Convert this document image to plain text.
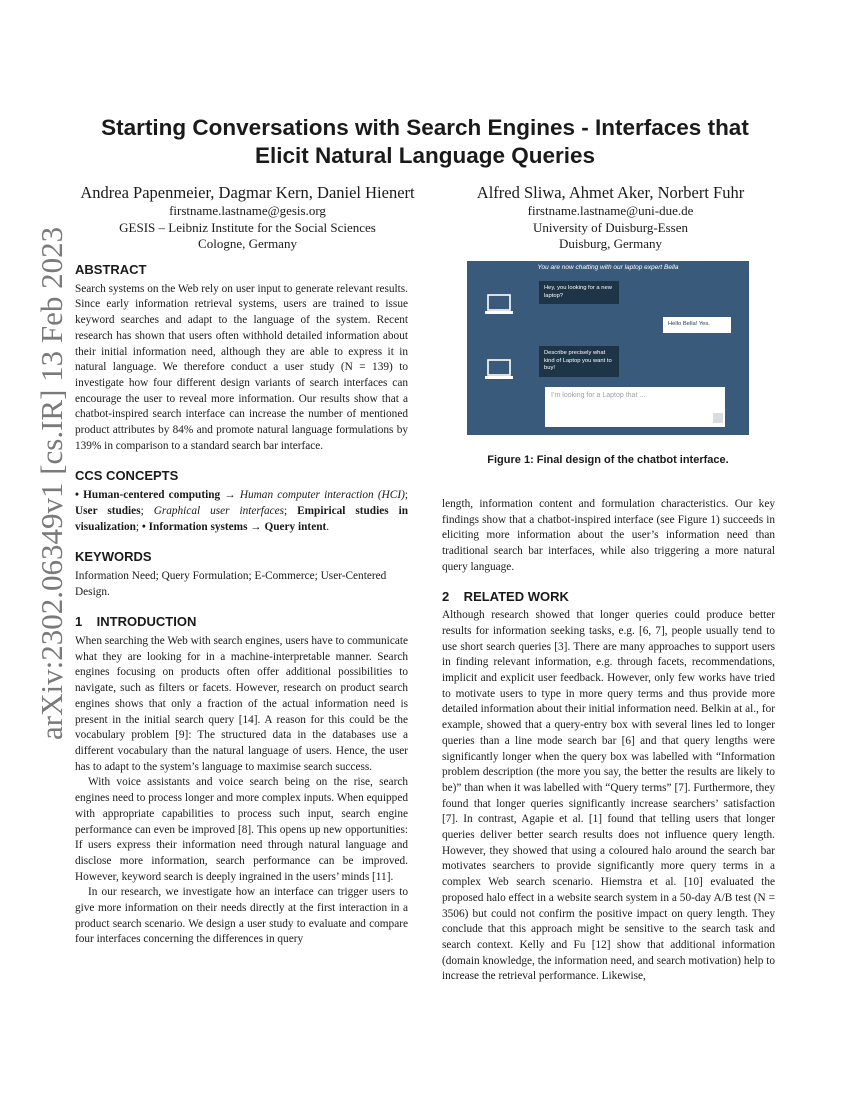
arXiv:2302.06349v1 [cs.IR] 13 Feb 2023
Starting Conversations with Search Engines - Interfaces that Elicit Natural Language Queries
Andrea Papenmeier, Dagmar Kern, Daniel Hienert
firstname.lastname@gesis.org
GESIS – Leibniz Institute for the Social Sciences
Cologne, Germany
Alfred Sliwa, Ahmet Aker, Norbert Fuhr
firstname.lastname@uni-due.de
University of Duisburg-Essen
Duisburg, Germany

ABSTRACT

Search systems on the Web rely on user input to generate relevant results. Since early information retrieval systems, users are trained to issue keyword searches and adapt to the language of the system. Recent research has shown that users often withhold detailed information about their initial information need, although they are able to express it in natural language. We therefore conduct a user study (N = 139) to investigate how four different design variants of search interfaces can encourage the user to reveal more information. Our results show that a chatbot-inspired search interface can increase the number of mentioned product attributes by 84% and promote natural language formulations by 139% in comparison to a standard search bar interface.

CCS CONCEPTS

• Human-centered computing → Human computer interaction (HCI); User studies; Graphical user interfaces; Empirical studies in visualization; • Information systems → Query intent.

KEYWORDS

Information Need; Query Formulation; E-Commerce; User-Centered Design.

1    INTRODUCTION

When searching the Web with search engines, users have to communicate what they are looking for in a machine-interpretable manner. Search engines focusing on products often offer additional possibilities to navigate, such as filters or facets. However, research on product search engines shows that only a fraction of the actual information need is present in the initial search query [14]. A reason for this could be the vocabulary problem [9]: The structured data in the databases use a different vocabulary than the natural language of users. Hence, the user has to adapt to the system’s language to maximise search success.

With voice assistants and voice search being on the rise, search engines need to process longer and more complex inputs. When equipped with appropriate capabilities to process such input, search engine performance can even be improved [8]. This opens up new opportunities: If users express their information need through natural language and disclose more information, search performance can be improved. However, keyword search is deeply ingrained in the users’ minds [11].

In our research, we investigate how an interface can trigger users to give more information on their needs directly at the first interaction in a product search scenario. We design a user study to evaluate and compare four interfaces concerning the differences in query

You are now chatting with our laptop expert Bella
Hey, you looking for a new laptop?
Hello Bella! Yes.
Describe precisely what kind of Laptop you want to buy!
I’m looking for a Laptop that ...
Figure 1: Final design of the chatbot interface.

length, information content and formulation characteristics. Our key findings show that a chatbot-inspired interface (see Figure 1) succeeds in eliciting more information about the user’s information need than traditional search bar interfaces, while also triggering a more natural query language.

2    RELATED WORK

Although research showed that longer queries could produce better results for information seeking tasks, e.g. [6, 7], people usually tend to use short search queries [3]. There are many approaches to support users in finding relevant information, e.g. through facets, recommendations, implicit and explicit user feedback. However, only few works have tried to motivate users to type in more query terms and thus provide more detailed information about their initial information need. Belkin at al., for example, showed that a query-entry box with several lines led to longer queries than a line mode search bar [6] and that query lengths were significantly longer when the query box was labelled with “Information problem description (the more you say, the better the results are likely to be)” than when it was labelled with “Query terms” [7]. Furthermore, they found that longer queries significantly increase searchers’ satisfaction [7]. In contrast, Agapie et al. [1] found that telling users that longer queries deliver better search results does not influence query length. However, they showed that using a coloured halo around the search bar motivates searchers to provide significantly more query terms in a complex Web search scenario. Hiemstra et al. [10] evaluated the proposed halo effect in a website search system in a 50-day A/B test (N = 3506) but could not confirm the positive impact on query length. They conclude that this approach might be sensitive to the search task and search context. Kelly and Fu [12] show that additional information (domain knowledge, the information need, and search motivation) help to increase the retrieval performance. Likewise,
